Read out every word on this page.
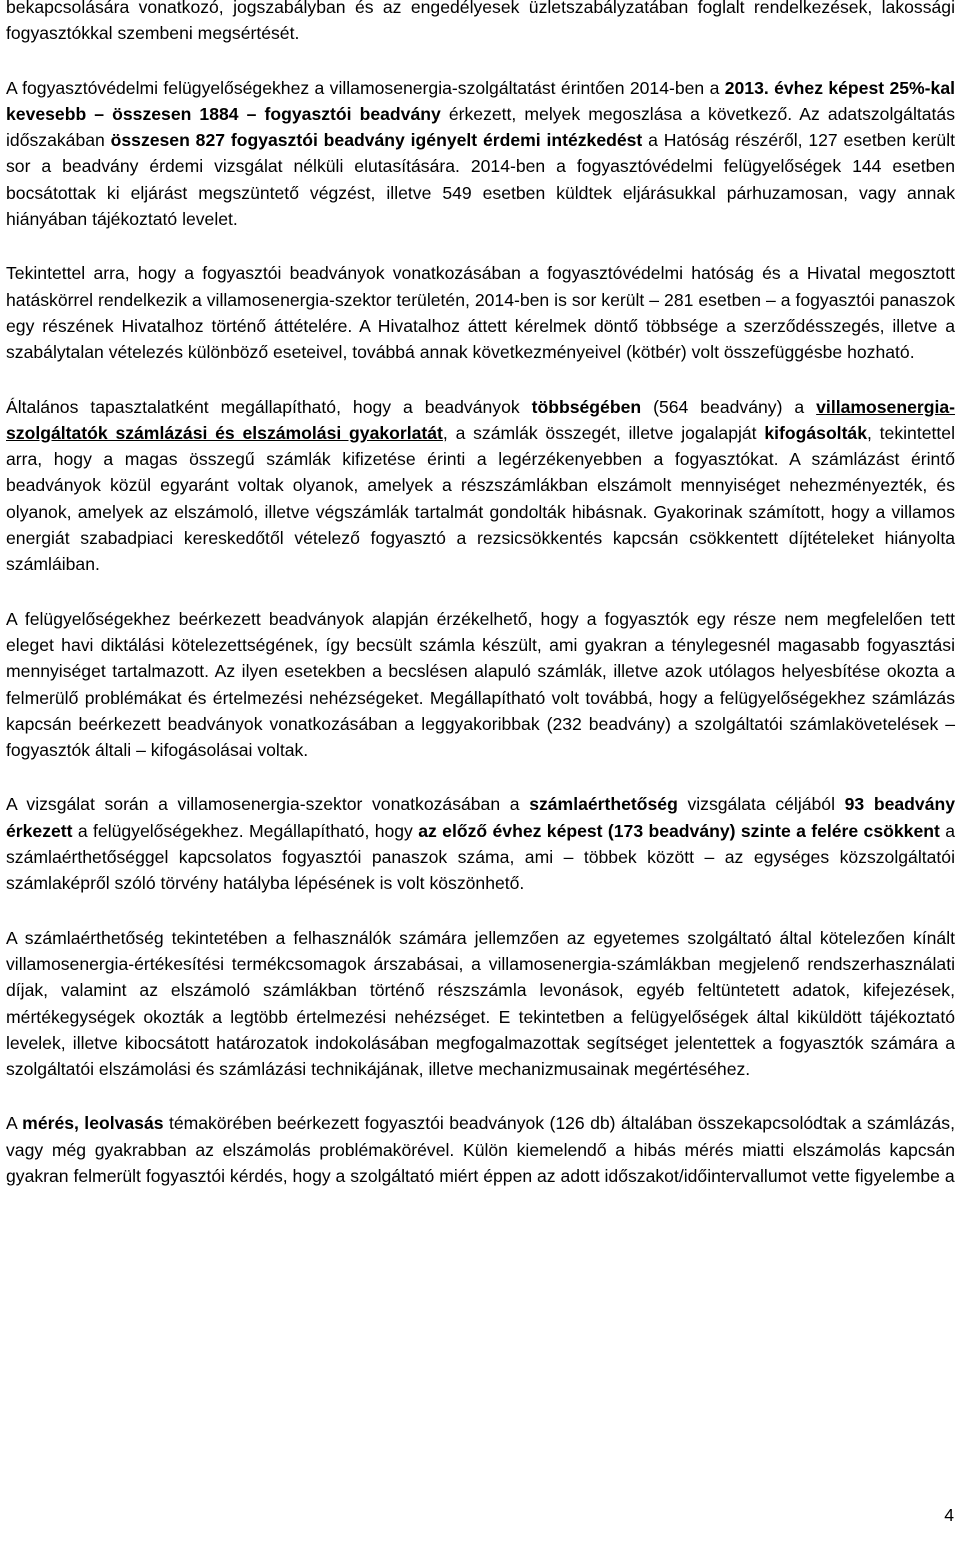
bekapcsolására vonatkozó, jogszabályban és az engedélyesek üzletszabályzatában foglalt rendelkezések, lakossági fogyasztókkal szembeni megsértését.

A fogyasztóvédelmi felügyelőségekhez a villamosenergia-szolgáltatást érintően 2014-ben a 2013. évhez képest 25%-kal kevesebb – összesen 1884 – fogyasztói beadvány érkezett, melyek megoszlása a következő. Az adatszolgáltatás időszakában összesen 827 fogyasztói beadvány igényelt érdemi intézkedést a Hatóság részéről, 127 esetben került sor a beadvány érdemi vizsgálat nélküli elutasítására. 2014-ben a fogyasztóvédelmi felügyelőségek 144 esetben bocsátottak ki eljárást megszüntető végzést, illetve 549 esetben küldtek eljárásukkal párhuzamosan, vagy annak hiányában tájékoztató levelet.

Tekintettel arra, hogy a fogyasztói beadványok vonatkozásában a fogyasztóvédelmi hatóság és a Hivatal megosztott hatáskörrel rendelkezik a villamosenergia-szektor területén, 2014-ben is sor került – 281 esetben – a fogyasztói panaszok egy részének Hivatalhoz történő áttételére. A Hivatalhoz áttett kérelmek döntő többsége a szerződésszegés, illetve a szabálytalan vételezés különböző eseteivel, továbbá annak következményeivel (kötbér) volt összefüggésbe hozható.

Általános tapasztalatként megállapítható, hogy a beadványok többségében (564 beadvány) a villamosenergia-szolgáltatók számlázási és elszámolási gyakorlatát, a számlák összegét, illetve jogalapját kifogásolták, tekintettel arra, hogy a magas összegű számlák kifizetése érinti a legérzékenyebben a fogyasztókat. A számlázást érintő beadványok közül egyaránt voltak olyanok, amelyek a részszámlákban elszámolt mennyiséget nehezményezték, és olyanok, amelyek az elszámoló, illetve végszámlák tartalmát gondolták hibásnak. Gyakorinak számított, hogy a villamos energiát szabadpiaci kereskedőtől vételező fogyasztó a rezsicsökkentés kapcsán csökkentett díjtételeket hiányolta számláiban.

A felügyelőségekhez beérkezett beadványok alapján érzékelhető, hogy a fogyasztók egy része nem megfelelően tett eleget havi diktálási kötelezettségének, így becsült számla készült, ami gyakran a ténylegesnél magasabb fogyasztási mennyiséget tartalmazott. Az ilyen esetekben a becslésen alapuló számlák, illetve azok utólagos helyesbítése okozta a felmerülő problémákat és értelmezési nehézségeket. Megállapítható volt továbbá, hogy a felügyelőségekhez számlázás kapcsán beérkezett beadványok vonatkozásában a leggyakoribbak (232 beadvány) a szolgáltatói számlakövetelések – fogyasztók általi – kifogásolásai voltak.

A vizsgálat során a villamosenergia-szektor vonatkozásában a számlaérthetőség vizsgálata céljából 93 beadvány érkezett a felügyelőségekhez. Megállapítható, hogy az előző évhez képest (173 beadvány) szinte a felére csökkent a számlaérthetőséggel kapcsolatos fogyasztói panaszok száma, ami – többek között – az egységes közszolgáltatói számlaképről szóló törvény hatályba lépésének is volt köszönhető.

A számlaérthetőség tekintetében a felhasználók számára jellemzően az egyetemes szolgáltató által kötelezően kínált villamosenergia-értékesítési termékcsomagok árszabásai, a villamosenergia-számlákban megjelenő rendszerhasználati díjak, valamint az elszámoló számlákban történő részszámla levonások, egyéb feltüntetett adatok, kifejezések, mértékegységek okozták a legtöbb értelmezési nehézséget. E tekintetben a felügyelőségek által kiküldött tájékoztató levelek, illetve kibocsátott határozatok indokolásában megfogalmazottak segítséget jelentettek a fogyasztók számára a szolgáltatói elszámolási és számlázási technikájának, illetve mechanizmusainak megértéséhez.

A mérés, leolvasás témakörében beérkezett fogyasztói beadványok (126 db) általában összekapcsolódtak a számlázás, vagy még gyakrabban az elszámolás problémakörével. Külön kiemelendő a hibás mérés miatti elszámolás kapcsán gyakran felmerült fogyasztói kérdés, hogy a szolgáltató miért éppen az adott időszakot/időintervallumot vette figyelembe a

4
